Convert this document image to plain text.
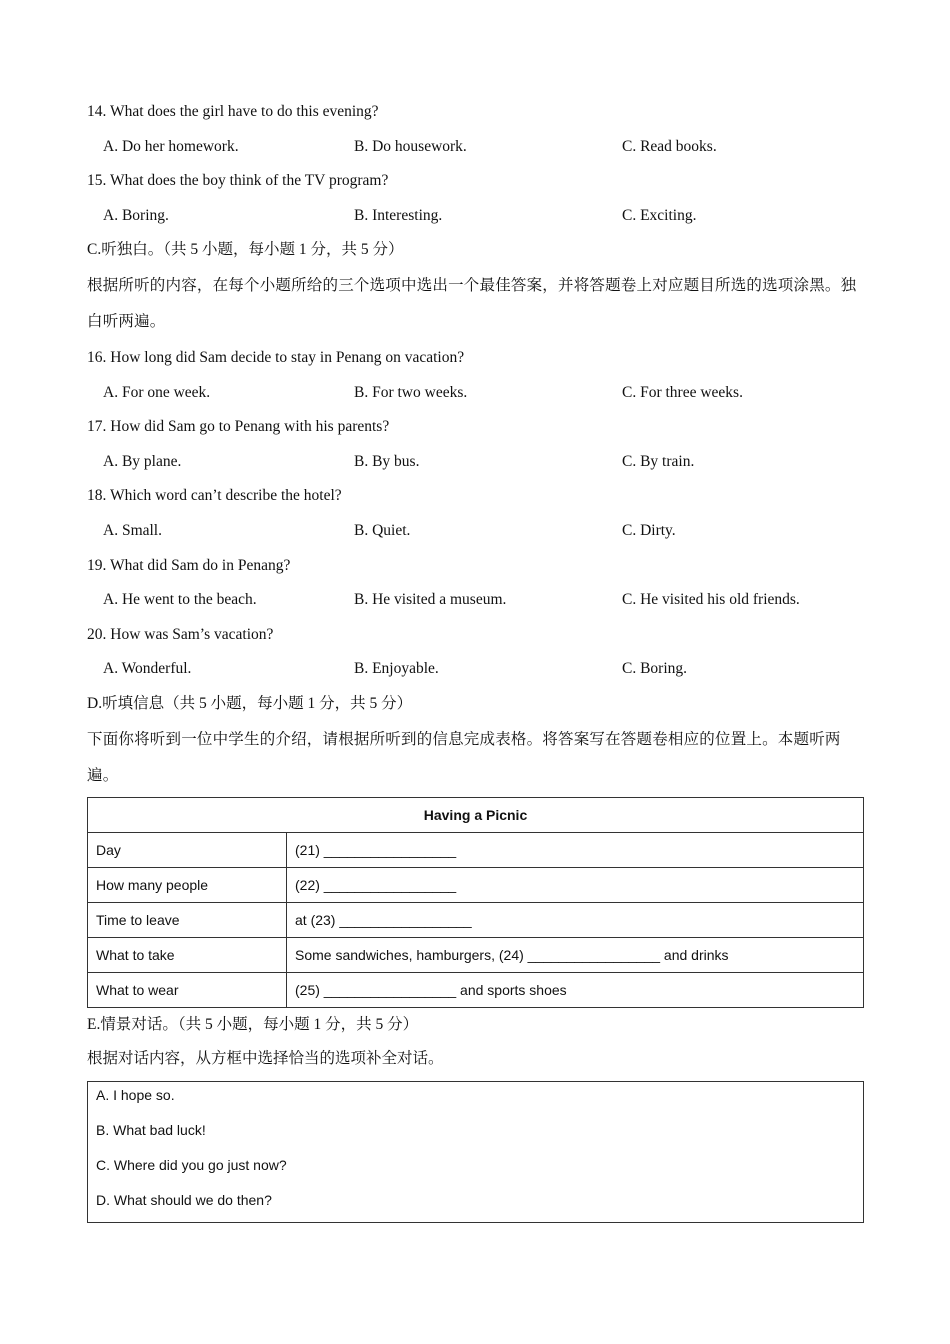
14. What does the girl have to do this evening?
A. Do her homework.	B. Do housework.	C. Read books.
15. What does the boy think of the TV program?
A. Boring.	B. Interesting.	C. Exciting.
C.听独白。（共 5 小题，每小题 1 分，共 5 分）
根据所听的内容，在每个小题所给的三个选项中选出一个最佳答案，并将答题卷上对应题目所选的选项涂黑。独白听两遍。
16. How long did Sam decide to stay in Penang on vacation?
A. For one week.	B. For two weeks.	C. For three weeks.
17. How did Sam go to Penang with his parents?
A. By plane.	B. By bus.	C. By train.
18. Which word can’t describe the hotel?
A. Small.	B. Quiet.	C. Dirty.
19. What did Sam do in Penang?
A. He went to the beach.	B. He visited a museum.	C. He visited his old friends.
20. How was Sam’s vacation?
A. Wonderful.	B. Enjoyable.	C. Boring.
D.听填信息（共 5 小题，每小题 1 分，共 5 分）
下面你将听到一位中学生的介绍，请根据所听到的信息完成表格。将答案写在答题卷相应的位置上。本题听两遍。
Having a Picnic	
Day	(21) _________________
How many people	(22) _________________
Time to leave	at (23) _________________
What to take	Some sandwiches, hamburgers, (24) _________________ and drinks
What to wear	(25) _________________ and sports shoes
E.情景对话。（共 5 小题，每小题 1 分，共 5 分）
根据对话内容，从方框中选择恰当的选项补全对话。
A. I hope so.
B. What bad luck!
C. Where did you go just now?
D. What should we do then?
